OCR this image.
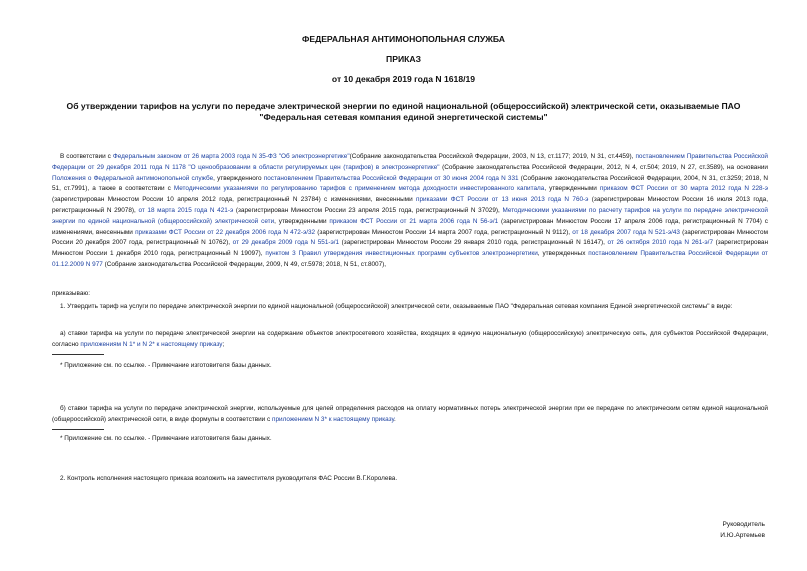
ФЕДЕРАЛЬНАЯ АНТИМОНОПОЛЬНАЯ СЛУЖБА
ПРИКАЗ
от 10 декабря 2019 года N 1618/19
Об утверждении тарифов на услуги по передаче электрической энергии по единой национальной (общероссийской) электрической сети, оказываемые ПАО
"Федеральная сетевая компания единой энергетической системы"

В соответствии с Федеральным законом от 26 марта 2003 года N 35-ФЗ "Об электроэнергетике"(Собрание законодательства Российской Федерации, 2003, N 13, ст.1177; 2019, N 31, ст.4459), постановлением Правительства Российской Федерации от 29 декабря 2011 года N 1178 "О ценообразовании в области регулируемых цен (тарифов) в электроэнергетике" (Собрание законодательства Российской Федерации, 2012, N 4, ст.504; 2019, N 27, ст.3589), на основании Положения о Федеральной антимонопольной службе, утвержденного постановлением Правительства Российской Федерации от 30 июня 2004 года N 331 (Собрание законодательства Российской Федерации, 2004, N 31, ст.3259; 2018, N 51, ст.7991), а также в соответствии с Методическими указаниями по регулированию тарифов с применением метода доходности инвестированного капитала, утвержденными приказом ФСТ России от 30 марта 2012 года N 228-э (зарегистрирован Минюстом России 10 апреля 2012 года, регистрационный N 23784) с изменениями, внесенными приказами ФСТ России от 13 июня 2013 года N 760-э (зарегистрирован Минюстом России 16 июля 2013 года, регистрационный N 29078), от 18 марта 2015 года N 421-э (зарегистрирован Минюстом России 23 апреля 2015 года, регистрационный N 37029), Методическими указаниями по расчету тарифов на услуги по передаче электрической энергии по единой национальной (общероссийской) электрической сети, утвержденными приказом ФСТ России от 21 марта 2006 года N 56-э/1 (зарегистрирован Минюстом России 17 апреля 2006 года, регистрационный N 7704) с изменениями, внесенными приказами ФСТ России от 22 декабря 2006 года N 472-э/32 (зарегистрирован Минюстом России 14 марта 2007 года, регистрационный N 9112), от 18 декабря 2007 года N 521-э/43 (зарегистрирован Минюстом России 20 декабря 2007 года, регистрационный N 10762), от 29 декабря 2009 года N 551-э/1 (зарегистрирован Минюстом России 29 января 2010 года, регистрационный N 16147), от 26 октября 2010 года N 261-э/7 (зарегистрирован Минюстом России 1 декабря 2010 года, регистрационный N 19097), пунктом 3 Правил утверждения инвестиционных программ субъектов электроэнергетики, утвержденных постановлением Правительства Российской Федерации от 01.12.2009 N 977 (Собрание законодательства Российской Федерации, 2009, N 49, ст.5978; 2018, N 51, ст.8007),

приказываю:

1. Утвердить тариф на услуги по передаче электрической энергии по единой национальной (общероссийской) электрической сети, оказываемые ПАО "Федеральная сетевая компания Единой энергетической системы" в виде:

а) ставки тарифа на услуги по передаче электрической энергии на содержание объектов электросетевого хозяйства, входящих в единую национальную (общероссийскую) электрическую сеть, для субъектов Российской Федерации, согласно приложениям N 1* и N 2* к настоящему приказу;

* Приложение см. по ссылке. - Примечание изготовителя базы данных.

б) ставки тарифа на услуги по передаче электрической энергии, используемые для целей определения расходов на оплату нормативных потерь электрической энергии при ее передаче по электрическим сетям единой национальной (общероссийской) электрической сети, в виде формулы в соответствии с приложением N 3* к настоящему приказу.

* Приложение см. по ссылке. - Примечание изготовителя базы данных.

2. Контроль исполнения настоящего приказа возложить на заместителя руководителя ФАС России В.Г.Королева.

Руководитель
И.Ю.Артемьев
